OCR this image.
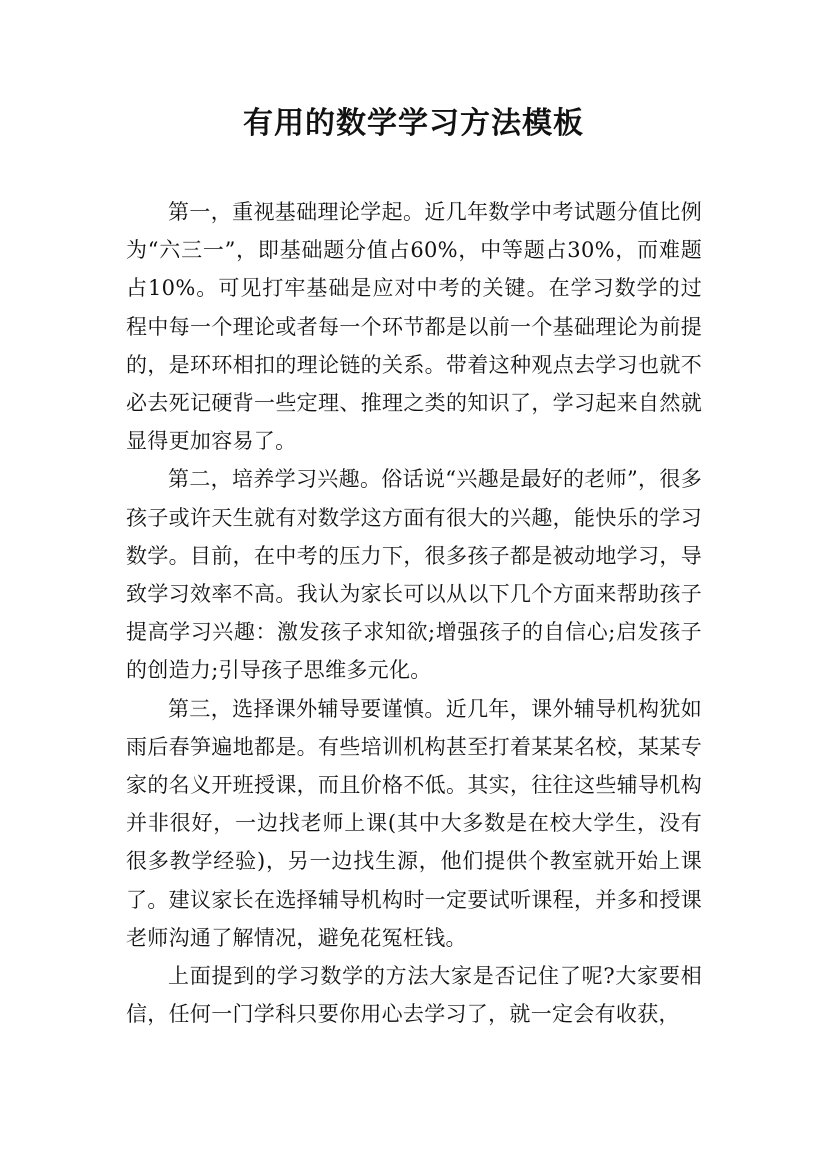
有用的数学学习方法模板

第一，重视基础理论学起。近几年数学中考试题分值比例为“六三一”，即基础题分值占60%，中等题占30%，而难题占10%。可见打牢基础是应对中考的关键。在学习数学的过程中每一个理论或者每一个环节都是以前一个基础理论为前提的，是环环相扣的理论链的关系。带着这种观点去学习也就不必去死记硬背一些定理、推理之类的知识了，学习起来自然就显得更加容易了。

第二，培养学习兴趣。俗话说“兴趣是最好的老师”，很多孩子或许天生就有对数学这方面有很大的兴趣，能快乐的学习数学。目前，在中考的压力下，很多孩子都是被动地学习，导致学习效率不高。我认为家长可以从以下几个方面来帮助孩子提高学习兴趣：激发孩子求知欲;增强孩子的自信心;启发孩子的创造力;引导孩子思维多元化。

第三，选择课外辅导要谨慎。近几年，课外辅导机构犹如雨后春笋遍地都是。有些培训机构甚至打着某某名校，某某专家的名义开班授课，而且价格不低。其实，往往这些辅导机构并非很好，一边找老师上课(其中大多数是在校大学生，没有很多教学经验)，另一边找生源，他们提供个教室就开始上课了。建议家长在选择辅导机构时一定要试听课程，并多和授课老师沟通了解情况，避免花冤枉钱。

上面提到的学习数学的方法大家是否记住了呢?大家要相信，任何一门学科只要你用心去学习了，就一定会有收获，
